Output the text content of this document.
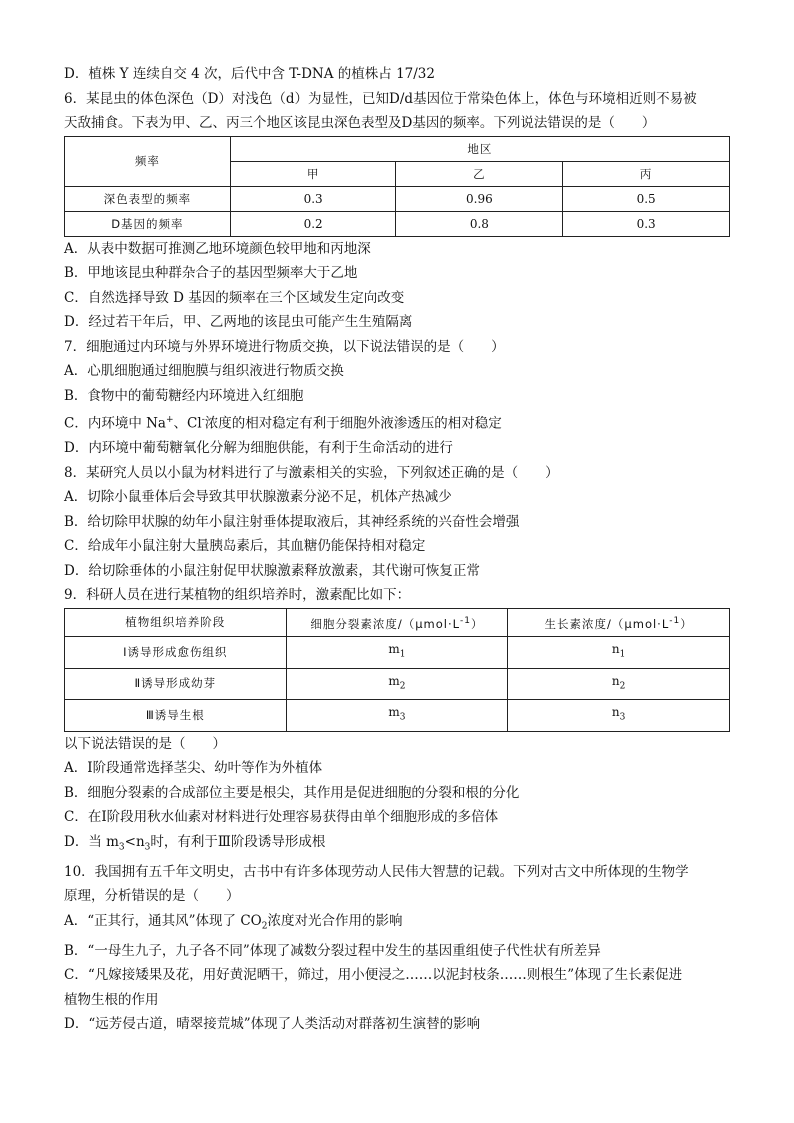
D．植株 Y 连续自交 4 次，后代中含 T-DNA 的植株占 17/32
6．某昆虫的体色深色（D）对浅色（d）为显性，已知D/d基因位于常染色体上，体色与环境相近则不易被
天敌捕食。下表为甲、乙、丙三个地区该昆虫深色表型及D基因的频率。下列说法错误的是（　　）
频率	地区		
	甲	乙	丙
深色表型的频率	0.3	0.96	0.5
D基因的频率	0.2	0.8	0.3
A．从表中数据可推测乙地环境颜色较甲地和丙地深
B．甲地该昆虫种群杂合子的基因型频率大于乙地
C．自然选择导致 D 基因的频率在三个区域发生定向改变
D．经过若干年后，甲、乙两地的该昆虫可能产生生殖隔离
7．细胞通过内环境与外界环境进行物质交换，以下说法错误的是（　　）
A．心肌细胞通过细胞膜与组织液进行物质交换
B．食物中的葡萄糖经内环境进入红细胞
C．内环境中 Na+、Cl-浓度的相对稳定有利于细胞外液渗透压的相对稳定
D．内环境中葡萄糖氧化分解为细胞供能，有利于生命活动的进行
8．某研究人员以小鼠为材料进行了与激素相关的实验，下列叙述正确的是（　　）
A．切除小鼠垂体后会导致其甲状腺激素分泌不足，机体产热减少
B．给切除甲状腺的幼年小鼠注射垂体提取液后，其神经系统的兴奋性会增强
C．给成年小鼠注射大量胰岛素后，其血糖仍能保持相对稳定
D．给切除垂体的小鼠注射促甲状腺激素释放激素，其代谢可恢复正常
9．科研人员在进行某植物的组织培养时，激素配比如下：
植物组织培养阶段	细胞分裂素浓度$/(\mu mol\cdot L^{-1})$	生长素浓度$/(\mu mol\cdot L^{-1})$
Ⅰ诱导形成愈伤组织	$m_1$	$n_1$
Ⅱ诱导形成幼芽	$m_2$	$n_2$
Ⅲ诱导生根	$m_3$	$n_3$
以下说法错误的是（　　）
A．Ⅰ阶段通常选择茎尖、幼叶等作为外植体
B．细胞分裂素的合成部位主要是根尖，其作用是促进细胞的分裂和根的分化
C．在Ⅰ阶段用秋水仙素对材料进行处理容易获得由单个细胞形成的多倍体
D．当 $m_3<n_3$时，有利于Ⅲ阶段诱导形成根
10．我国拥有五千年文明史，古书中有许多体现劳动人民伟大智慧的记载。下列对古文中所体现的生物学
原理，分析错误的是（　　）
A．“正其行，通其风”体现了 $CO_2$浓度对光合作用的影响
B．“一母生九子，九子各不同”体现了减数分裂过程中发生的基因重组使子代性状有所差异
C．“凡嫁接矮果及花，用好黄泥晒干，筛过，用小便浸之……以泥封枝条……则根生”体现了生长素促进
植物生根的作用
D．“远芳侵古道，晴翠接荒城”体现了人类活动对群落初生演替的影响
